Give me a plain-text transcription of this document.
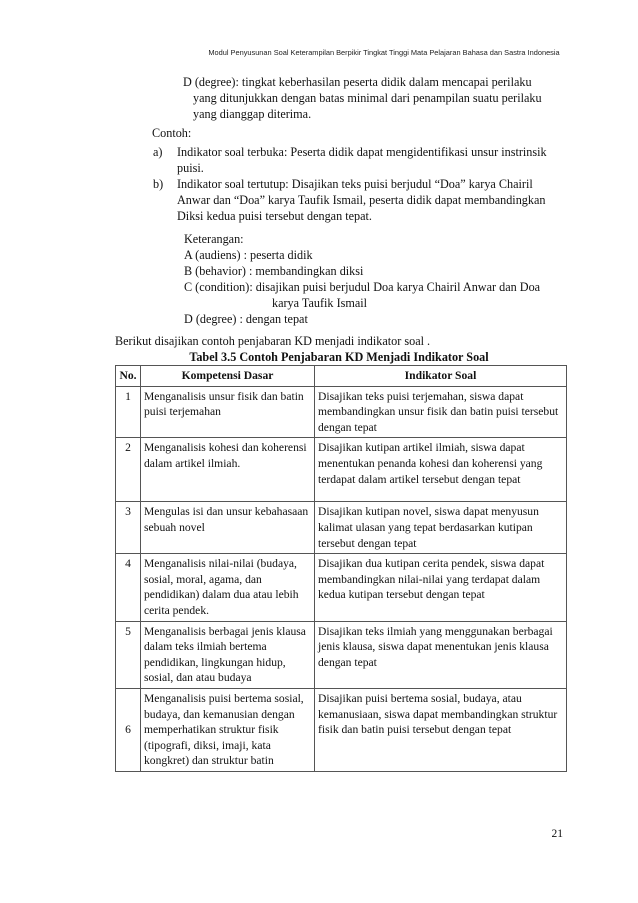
Modul Penyusunan Soal Keterampilan Berpikir Tingkat Tinggi Mata Pelajaran Bahasa dan Sastra Indonesia
D (degree): tingkat keberhasilan peserta didik dalam mencapai perilaku
yang ditunjukkan dengan batas minimal dari penampilan suatu perilaku
yang dianggap diterima.
Contoh:
a) Indikator soal terbuka: Peserta didik dapat mengidentifikasi unsur instrinsik
puisi.
b) Indikator soal tertutup: Disajikan teks puisi berjudul “Doa” karya Chairil
Anwar dan “Doa” karya Taufik Ismail, peserta didik dapat membandingkan
Diksi kedua puisi tersebut dengan tepat.
Keterangan:
A (audiens) : peserta didik
B (behavior) : membandingkan diksi
C (condition): disajikan puisi berjudul Doa karya Chairil Anwar dan Doa
karya Taufik Ismail
D (degree) : dengan tepat
Berikut disajikan contoh penjabaran KD menjadi indikator soal .
Tabel 3.5 Contoh Penjabaran KD Menjadi Indikator Soal
No.	Kompetensi Dasar	Indikator Soal
1	Menganalisis unsur fisik dan batin puisi terjemahan	Disajikan teks puisi terjemahan, siswa dapat membandingkan unsur fisik dan batin puisi tersebut dengan tepat
2	Menganalisis kohesi dan koherensi dalam artikel ilmiah.	Disajikan kutipan artikel ilmiah, siswa dapat menentukan penanda kohesi dan koherensi yang terdapat dalam artikel tersebut dengan tepat
3	Mengulas isi dan unsur kebahasaan sebuah novel	Disajikan kutipan novel, siswa dapat menyusun kalimat ulasan yang tepat berdasarkan kutipan tersebut dengan tepat
4	Menganalisis nilai-nilai (budaya, sosial, moral, agama, dan pendidikan) dalam dua atau lebih cerita pendek.	Disajikan dua kutipan cerita pendek, siswa dapat membandingkan nilai-nilai yang terdapat dalam kedua kutipan tersebut dengan tepat
5	Menganalisis berbagai jenis klausa dalam teks ilmiah bertema pendidikan, lingkungan hidup, sosial, dan atau budaya	Disajikan teks ilmiah yang menggunakan berbagai jenis klausa, siswa dapat menentukan jenis klausa dengan tepat
6	Menganalisis puisi bertema sosial, budaya, dan kemanusian dengan memperhatikan struktur fisik (tipografi, diksi, imaji, kata kongkret) dan struktur batin	Disajikan puisi bertema sosial, budaya, atau kemanusiaan, siswa dapat membandingkan struktur fisik dan batin puisi tersebut dengan tepat
21
